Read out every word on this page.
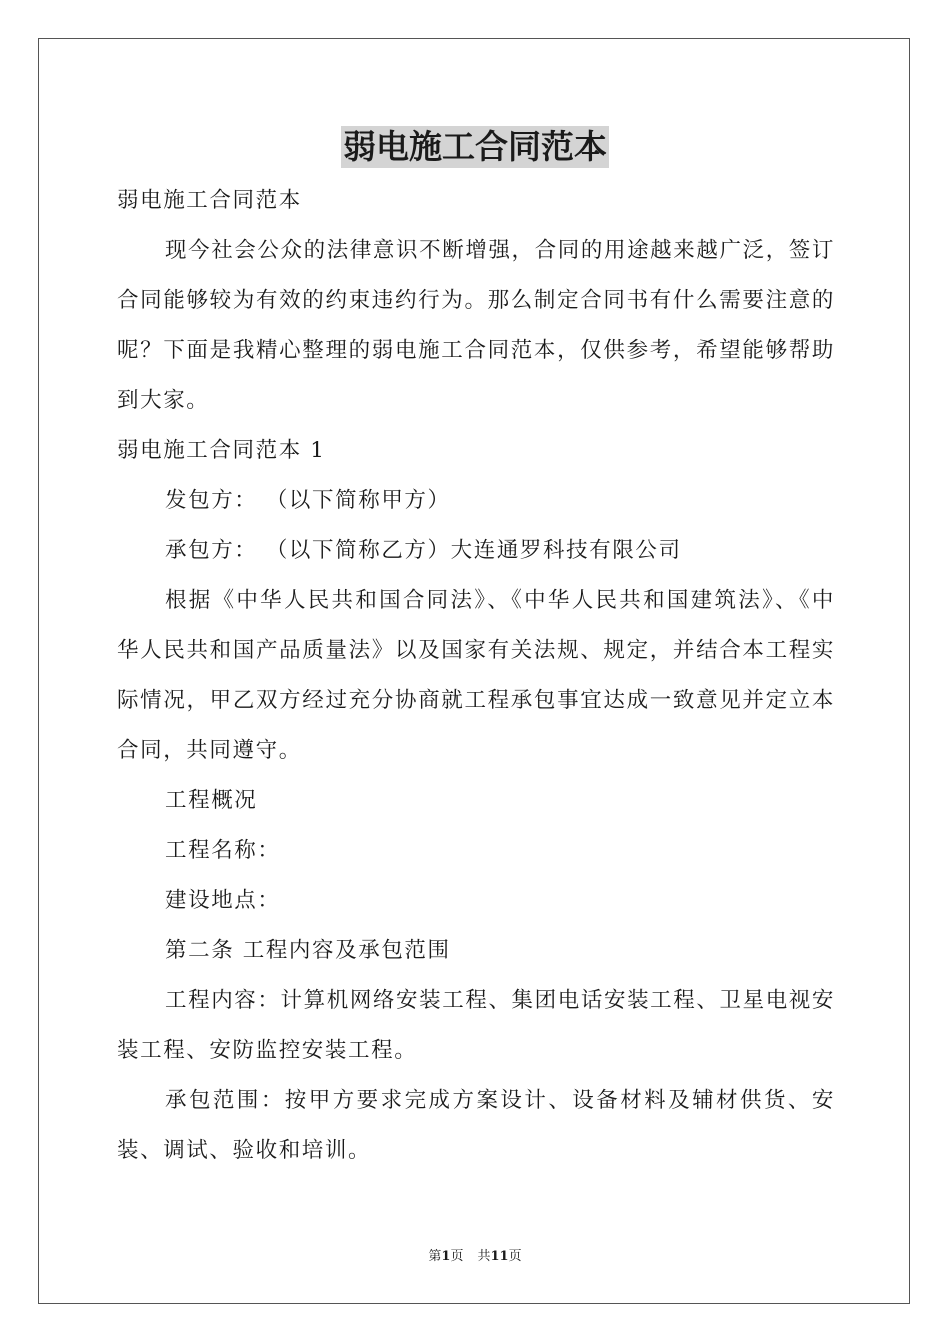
弱电施工合同范本

弱电施工合同范本

现今社会公众的法律意识不断增强，合同的用途越来越广泛，签订合同能够较为有效的约束违约行为。那么制定合同书有什么需要注意的呢？下面是我精心整理的弱电施工合同范本，仅供参考，希望能够帮助到大家。

弱电施工合同范本 1

发包方： （以下简称甲方）

承包方： （以下简称乙方）大连通罗科技有限公司

根据《中华人民共和国合同法》、《中华人民共和国建筑法》、《中华人民共和国产品质量法》以及国家有关法规、规定，并结合本工程实际情况，甲乙双方经过充分协商就工程承包事宜达成一致意见并定立本合同，共同遵守。

工程概况

工程名称：

建设地点：

第二条 工程内容及承包范围

工程内容：计算机网络安装工程、集团电话安装工程、卫星电视安装工程、安防监控安装工程。

承包范围：按甲方要求完成方案设计、设备材料及辅材供货、安装、调试、验收和培训。

第1页 共11页
